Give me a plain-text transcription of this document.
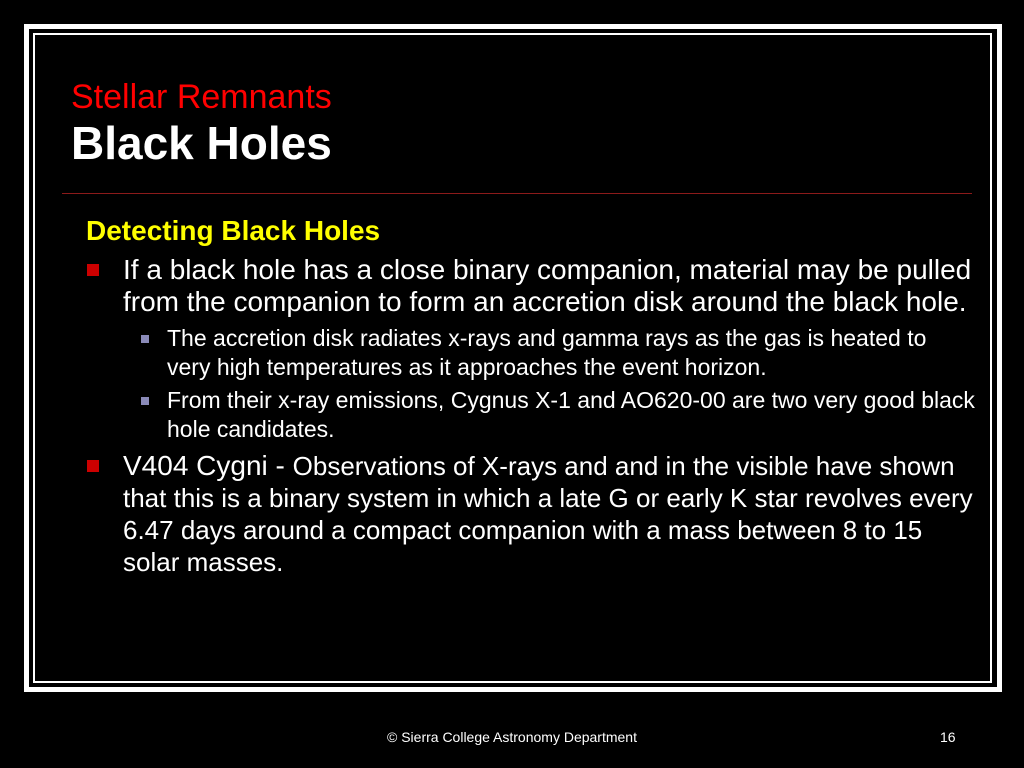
Stellar Remnants
Black Holes
Detecting Black Holes
If a black hole has a close binary companion, material may be pulled from the companion to form an accretion disk around the black hole.
The accretion disk radiates x-rays and gamma rays as the gas is heated to very high temperatures as it approaches the event horizon.
From their x-ray emissions, Cygnus X-1 and AO620-00 are two very good black hole candidates.
V404 Cygni - Observations of X-rays and and in the visible have shown that this is a binary system in which a late G or early K star revolves every 6.47 days around a compact companion with a mass between 8 to 15 solar masses.
© Sierra College Astronomy Department	16
